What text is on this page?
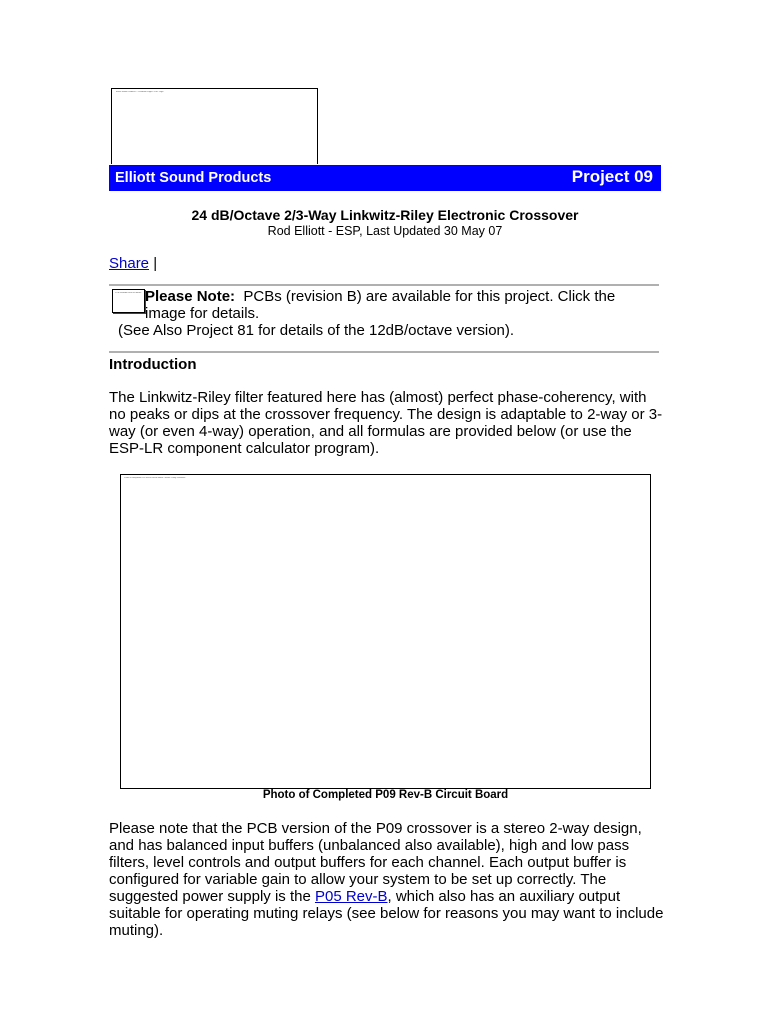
Elliott Sound Products - The Audio Pages - ESP Logo
Elliott Sound Products	Project 09
24 dB/Octave 2/3-Way Linkwitz-Riley Electronic Crossover
Rod Elliott - ESP, Last Updated 30 May 07
Share |
PCB available click for details Please Note: PCBs (revision B) are available for this project. Click the image for details.
(See Also Project 81 for details of the 12dB/octave version).
Introduction
The Linkwitz-Riley filter featured here has (almost) perfect phase-coherency, with no peaks or dips at the crossover frequency. The design is adaptable to 2-way or 3-way (or even 4-way) operation, and all formulas are provided below (or use the ESP-LR component calculator program).
Photo of completed P09 Rev-B circuit board - stereo 2-way crossover
Photo of Completed P09 Rev-B Circuit Board
Please note that the PCB version of the P09 crossover is a stereo 2-way design, and has balanced input buffers (unbalanced also available), high and low pass filters, level controls and output buffers for each channel. Each output buffer is configured for variable gain to allow your system to be set up correctly. The suggested power supply is the P05 Rev-B, which also has an auxiliary output suitable for operating muting relays (see below for reasons you may want to include muting).
